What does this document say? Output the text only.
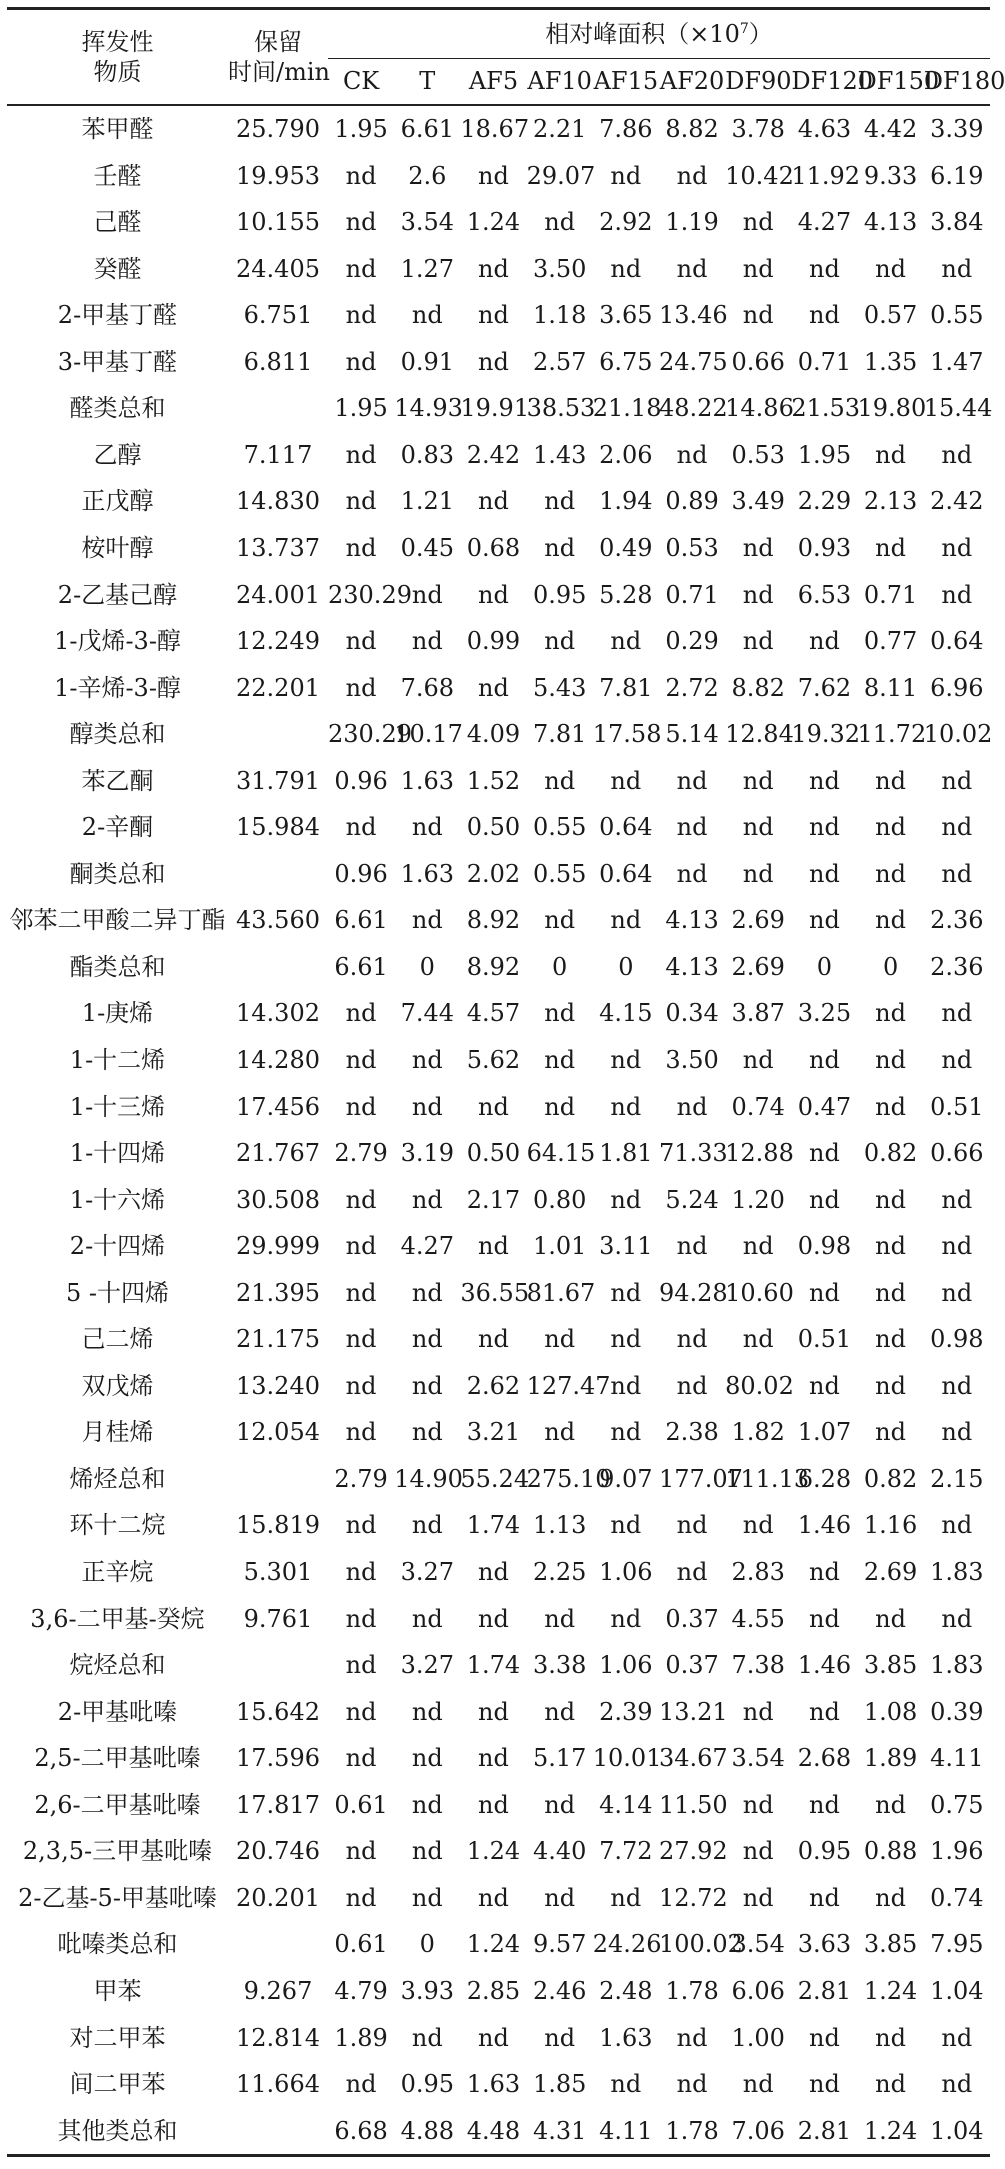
挥发性
物质	保留
时间/min	相对峰面积$(\times 10^7)$									
		CK	T	AF5	AF10	AF15	AF20	DF90	DF120	DF150	DF180
苯甲醛	25.790	1.95	6.61	18.67	2.21	7.86	8.82	3.78	4.63	4.42	3.39
壬醛	19.953	nd	2.6	nd	29.07	nd	nd	10.42	11.92	9.33	6.19
己醛	10.155	nd	3.54	1.24	nd	2.92	1.19	nd	4.27	4.13	3.84
癸醛	24.405	nd	1.27	nd	3.50	nd	nd	nd	nd	nd	nd
2-甲基丁醛	6.751	nd	nd	nd	1.18	3.65	13.46	nd	nd	0.57	0.55
3-甲基丁醛	6.811	nd	0.91	nd	2.57	6.75	24.75	0.66	0.71	1.35	1.47
醛类总和		1.95	14.93	19.91	38.53	21.18	48.22	14.86	21.53	19.80	15.44
乙醇	7.117	nd	0.83	2.42	1.43	2.06	nd	0.53	1.95	nd	nd
正戊醇	14.830	nd	1.21	nd	nd	1.94	0.89	3.49	2.29	2.13	2.42
桉叶醇	13.737	nd	0.45	0.68	nd	0.49	0.53	nd	0.93	nd	nd
2-乙基己醇	24.001	230.29	nd	nd	0.95	5.28	0.71	nd	6.53	0.71	nd
1-戊烯-3-醇	12.249	nd	nd	0.99	nd	nd	0.29	nd	nd	0.77	0.64
1-辛烯-3-醇	22.201	nd	7.68	nd	5.43	7.81	2.72	8.82	7.62	8.11	6.96
醇类总和		230.29	10.17	4.09	7.81	17.58	5.14	12.84	19.32	11.72	10.02
苯乙酮	31.791	0.96	1.63	1.52	nd	nd	nd	nd	nd	nd	nd
2-辛酮	15.984	nd	nd	0.50	0.55	0.64	nd	nd	nd	nd	nd
酮类总和		0.96	1.63	2.02	0.55	0.64	nd	nd	nd	nd	nd
邻苯二甲酸二异丁酯	43.560	6.61	nd	8.92	nd	nd	4.13	2.69	nd	nd	2.36
酯类总和		6.61	0	8.92	0	0	4.13	2.69	0	0	2.36
1-庚烯	14.302	nd	7.44	4.57	nd	4.15	0.34	3.87	3.25	nd	nd
1-十二烯	14.280	nd	nd	5.62	nd	nd	3.50	nd	nd	nd	nd
1-十三烯	17.456	nd	nd	nd	nd	nd	nd	0.74	0.47	nd	0.51
1-十四烯	21.767	2.79	3.19	0.50	64.15	1.81	71.33	12.88	nd	0.82	0.66
1-十六烯	30.508	nd	nd	2.17	0.80	nd	5.24	1.20	nd	nd	nd
2-十四烯	29.999	nd	4.27	nd	1.01	3.11	nd	nd	0.98	nd	nd
5 -十四烯	21.395	nd	nd	36.55	81.67	nd	94.28	10.60	nd	nd	nd
己二烯	21.175	nd	nd	nd	nd	nd	nd	nd	0.51	nd	0.98
双戊烯	13.240	nd	nd	2.62	127.47	nd	nd	80.02	nd	nd	nd
月桂烯	12.054	nd	nd	3.21	nd	nd	2.38	1.82	1.07	nd	nd
烯烃总和		2.79	14.90	55.24	275.10	9.07	177.07	111.13	6.28	0.82	2.15
环十二烷	15.819	nd	nd	1.74	1.13	nd	nd	nd	1.46	1.16	nd
正辛烷	5.301	nd	3.27	nd	2.25	1.06	nd	2.83	nd	2.69	1.83
3,6-二甲基-癸烷	9.761	nd	nd	nd	nd	nd	0.37	4.55	nd	nd	nd
烷烃总和		nd	3.27	1.74	3.38	1.06	0.37	7.38	1.46	3.85	1.83
2-甲基吡嗪	15.642	nd	nd	nd	nd	2.39	13.21	nd	nd	1.08	0.39
2,5-二甲基吡嗪	17.596	nd	nd	nd	5.17	10.01	34.67	3.54	2.68	1.89	4.11
2,6-二甲基吡嗪	17.817	0.61	nd	nd	nd	4.14	11.50	nd	nd	nd	0.75
2,3,5-三甲基吡嗪	20.746	nd	nd	1.24	4.40	7.72	27.92	nd	0.95	0.88	1.96
2-乙基-5-甲基吡嗪	20.201	nd	nd	nd	nd	nd	12.72	nd	nd	nd	0.74
吡嗪类总和		0.61	0	1.24	9.57	24.26	100.02	3.54	3.63	3.85	7.95
甲苯	9.267	4.79	3.93	2.85	2.46	2.48	1.78	6.06	2.81	1.24	1.04
对二甲苯	12.814	1.89	nd	nd	nd	1.63	nd	1.00	nd	nd	nd
间二甲苯	11.664	nd	0.95	1.63	1.85	nd	nd	nd	nd	nd	nd
其他类总和		6.68	4.88	4.48	4.31	4.11	1.78	7.06	2.81	1.24	1.04
